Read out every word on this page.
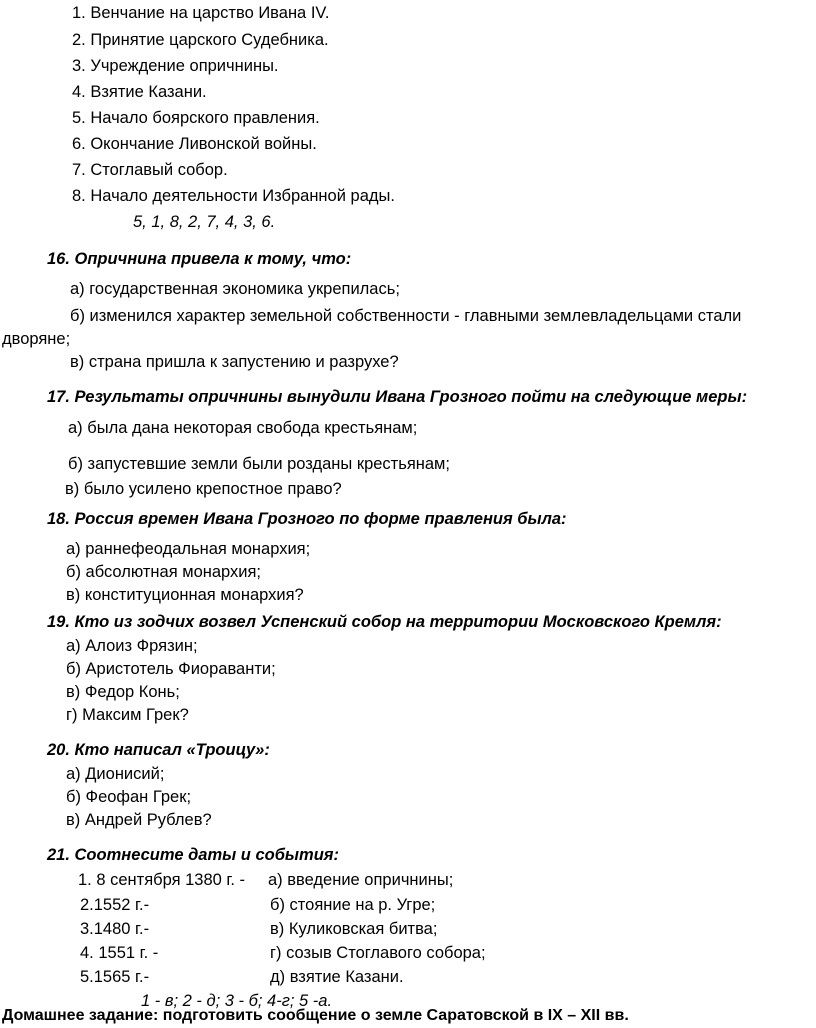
1. Венчание на царство Ивана IV.
2. Принятие царского Судебника.
3. Учреждение опричнины.
4. Взятие Казани.
5. Начало боярского правления.
6. Окончание Ливонской войны.
7. Стоглавый собор.
8. Начало деятельности Избранной рады.
5, 1, 8, 2, 7, 4, 3, 6.
16. Опричнина привела к тому, что:
а) государственная экономика укрепилась;
б) изменился характер земельной собственности - главными землевладельцами стали
дворяне;
в) страна пришла к запустению и разрухе?
17. Результаты опричнины вынудили Ивана Грозного пойти на следующие меры:
а) была дана некоторая свобода крестьянам;
б) запустевшие земли были розданы крестьянам;
в) было усилено крепостное право?
18. Россия времен Ивана Грозного по форме правления была:
а) раннефеодальная монархия;
б) абсолютная монархия;
в) конституционная монархия?
19. Кто из зодчих возвел Успенский собор на территории Московского Кремля:
а) Алоиз Фрязин;
б) Аристотель Фиораванти;
в) Федор Конь;
г) Максим Грек?
20. Кто написал «Троицу»:
а) Дионисий;
б) Феофан Грек;
в) Андрей Рублев?
21. Соотнесите даты и события:
1. 8 сентября 1380 г. -
2.1552 г.-
3.1480 г.-
4. 1551 г. -
5.1565 г.-
а) введение опричнины;
б) стояние на р. Угре;
в) Куликовская битва;
г) созыв Стоглавого собора;
д) взятие Казани.
1 - в; 2 - д; 3 - б; 4-г; 5 -а.
Домашнее задание: подготовить сообщение о земле Саратовской в IX – XII вв.
